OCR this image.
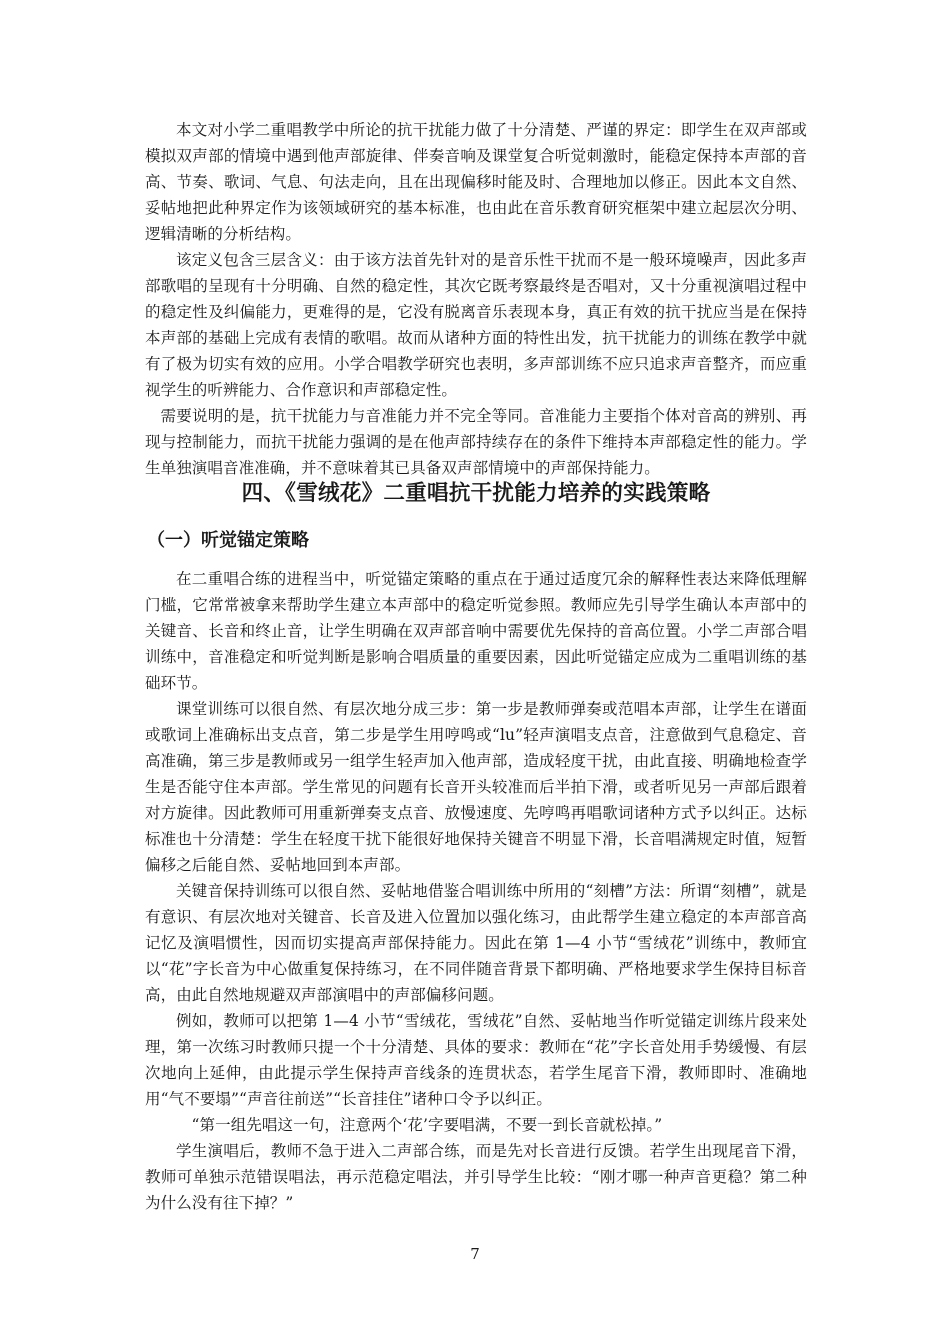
本文对小学二重唱教学中所论的抗干扰能力做了十分清楚、严谨的界定：即学生在双声部或模拟双声部的情境中遇到他声部旋律、伴奏音响及课堂复合听觉刺激时，能稳定保持本声部的音高、节奏、歌词、气息、句法走向，且在出现偏移时能及时、合理地加以修正。因此本文自然、妥帖地把此种界定作为该领域研究的基本标准，也由此在音乐教育研究框架中建立起层次分明、逻辑清晰的分析结构。

该定义包含三层含义：由于该方法首先针对的是音乐性干扰而不是一般环境噪声，因此多声部歌唱的呈现有十分明确、自然的稳定性，其次它既考察最终是否唱对，又十分重视演唱过程中的稳定性及纠偏能力，更难得的是，它没有脱离音乐表现本身，真正有效的抗干扰应当是在保持本声部的基础上完成有表情的歌唱。故而从诸种方面的特性出发，抗干扰能力的训练在教学中就有了极为切实有效的应用。小学合唱教学研究也表明，多声部训练不应只追求声音整齐，而应重视学生的听辨能力、合作意识和声部稳定性。

需要说明的是，抗干扰能力与音准能力并不完全等同。音准能力主要指个体对音高的辨别、再现与控制能力，而抗干扰能力强调的是在他声部持续存在的条件下维持本声部稳定性的能力。学生单独演唱音准准确，并不意味着其已具备双声部情境中的声部保持能力。

四、《雪绒花》二重唱抗干扰能力培养的实践策略
（一）听觉锚定策略

在二重唱合练的进程当中，听觉锚定策略的重点在于通过适度冗余的解释性表达来降低理解门槛，它常常被拿来帮助学生建立本声部中的稳定听觉参照。教师应先引导学生确认本声部中的关键音、长音和终止音，让学生明确在双声部音响中需要优先保持的音高位置。小学二声部合唱训练中，音准稳定和听觉判断是影响合唱质量的重要因素，因此听觉锚定应成为二重唱训练的基础环节。

课堂训练可以很自然、有层次地分成三步：第一步是教师弹奏或范唱本声部，让学生在谱面或歌词上准确标出支点音，第二步是学生用哼鸣或“lu”轻声演唱支点音，注意做到气息稳定、音高准确，第三步是教师或另一组学生轻声加入他声部，造成轻度干扰，由此直接、明确地检查学生是否能守住本声部。学生常见的问题有长音开头较准而后半拍下滑，或者听见另一声部后跟着对方旋律。因此教师可用重新弹奏支点音、放慢速度、先哼鸣再唱歌词诸种方式予以纠正。达标标准也十分清楚：学生在轻度干扰下能很好地保持关键音不明显下滑，长音唱满规定时值，短暂偏移之后能自然、妥帖地回到本声部。

关键音保持训练可以很自然、妥帖地借鉴合唱训练中所用的“刻槽”方法：所谓“刻槽”，就是有意识、有层次地对关键音、长音及进入位置加以强化练习，由此帮学生建立稳定的本声部音高记忆及演唱惯性，因而切实提高声部保持能力。因此在第 1—4 小节“雪绒花”训练中，教师宜以“花”字长音为中心做重复保持练习，在不同伴随音背景下都明确、严格地要求学生保持目标音高，由此自然地规避双声部演唱中的声部偏移问题。

例如，教师可以把第 1—4 小节“雪绒花，雪绒花”自然、妥帖地当作听觉锚定训练片段来处理，第一次练习时教师只提一个十分清楚、具体的要求：教师在“花”字长音处用手势缓慢、有层次地向上延伸，由此提示学生保持声音线条的连贯状态，若学生尾音下滑，教师即时、准确地用“气不要塌”“声音往前送”“长音挂住”诸种口令予以纠正。

“第一组先唱这一句，注意两个‘花’字要唱满，不要一到长音就松掉。”

学生演唱后，教师不急于进入二声部合练，而是先对长音进行反馈。若学生出现尾音下滑，教师可单独示范错误唱法，再示范稳定唱法，并引导学生比较：“刚才哪一种声音更稳？第二种为什么没有往下掉？”

7
